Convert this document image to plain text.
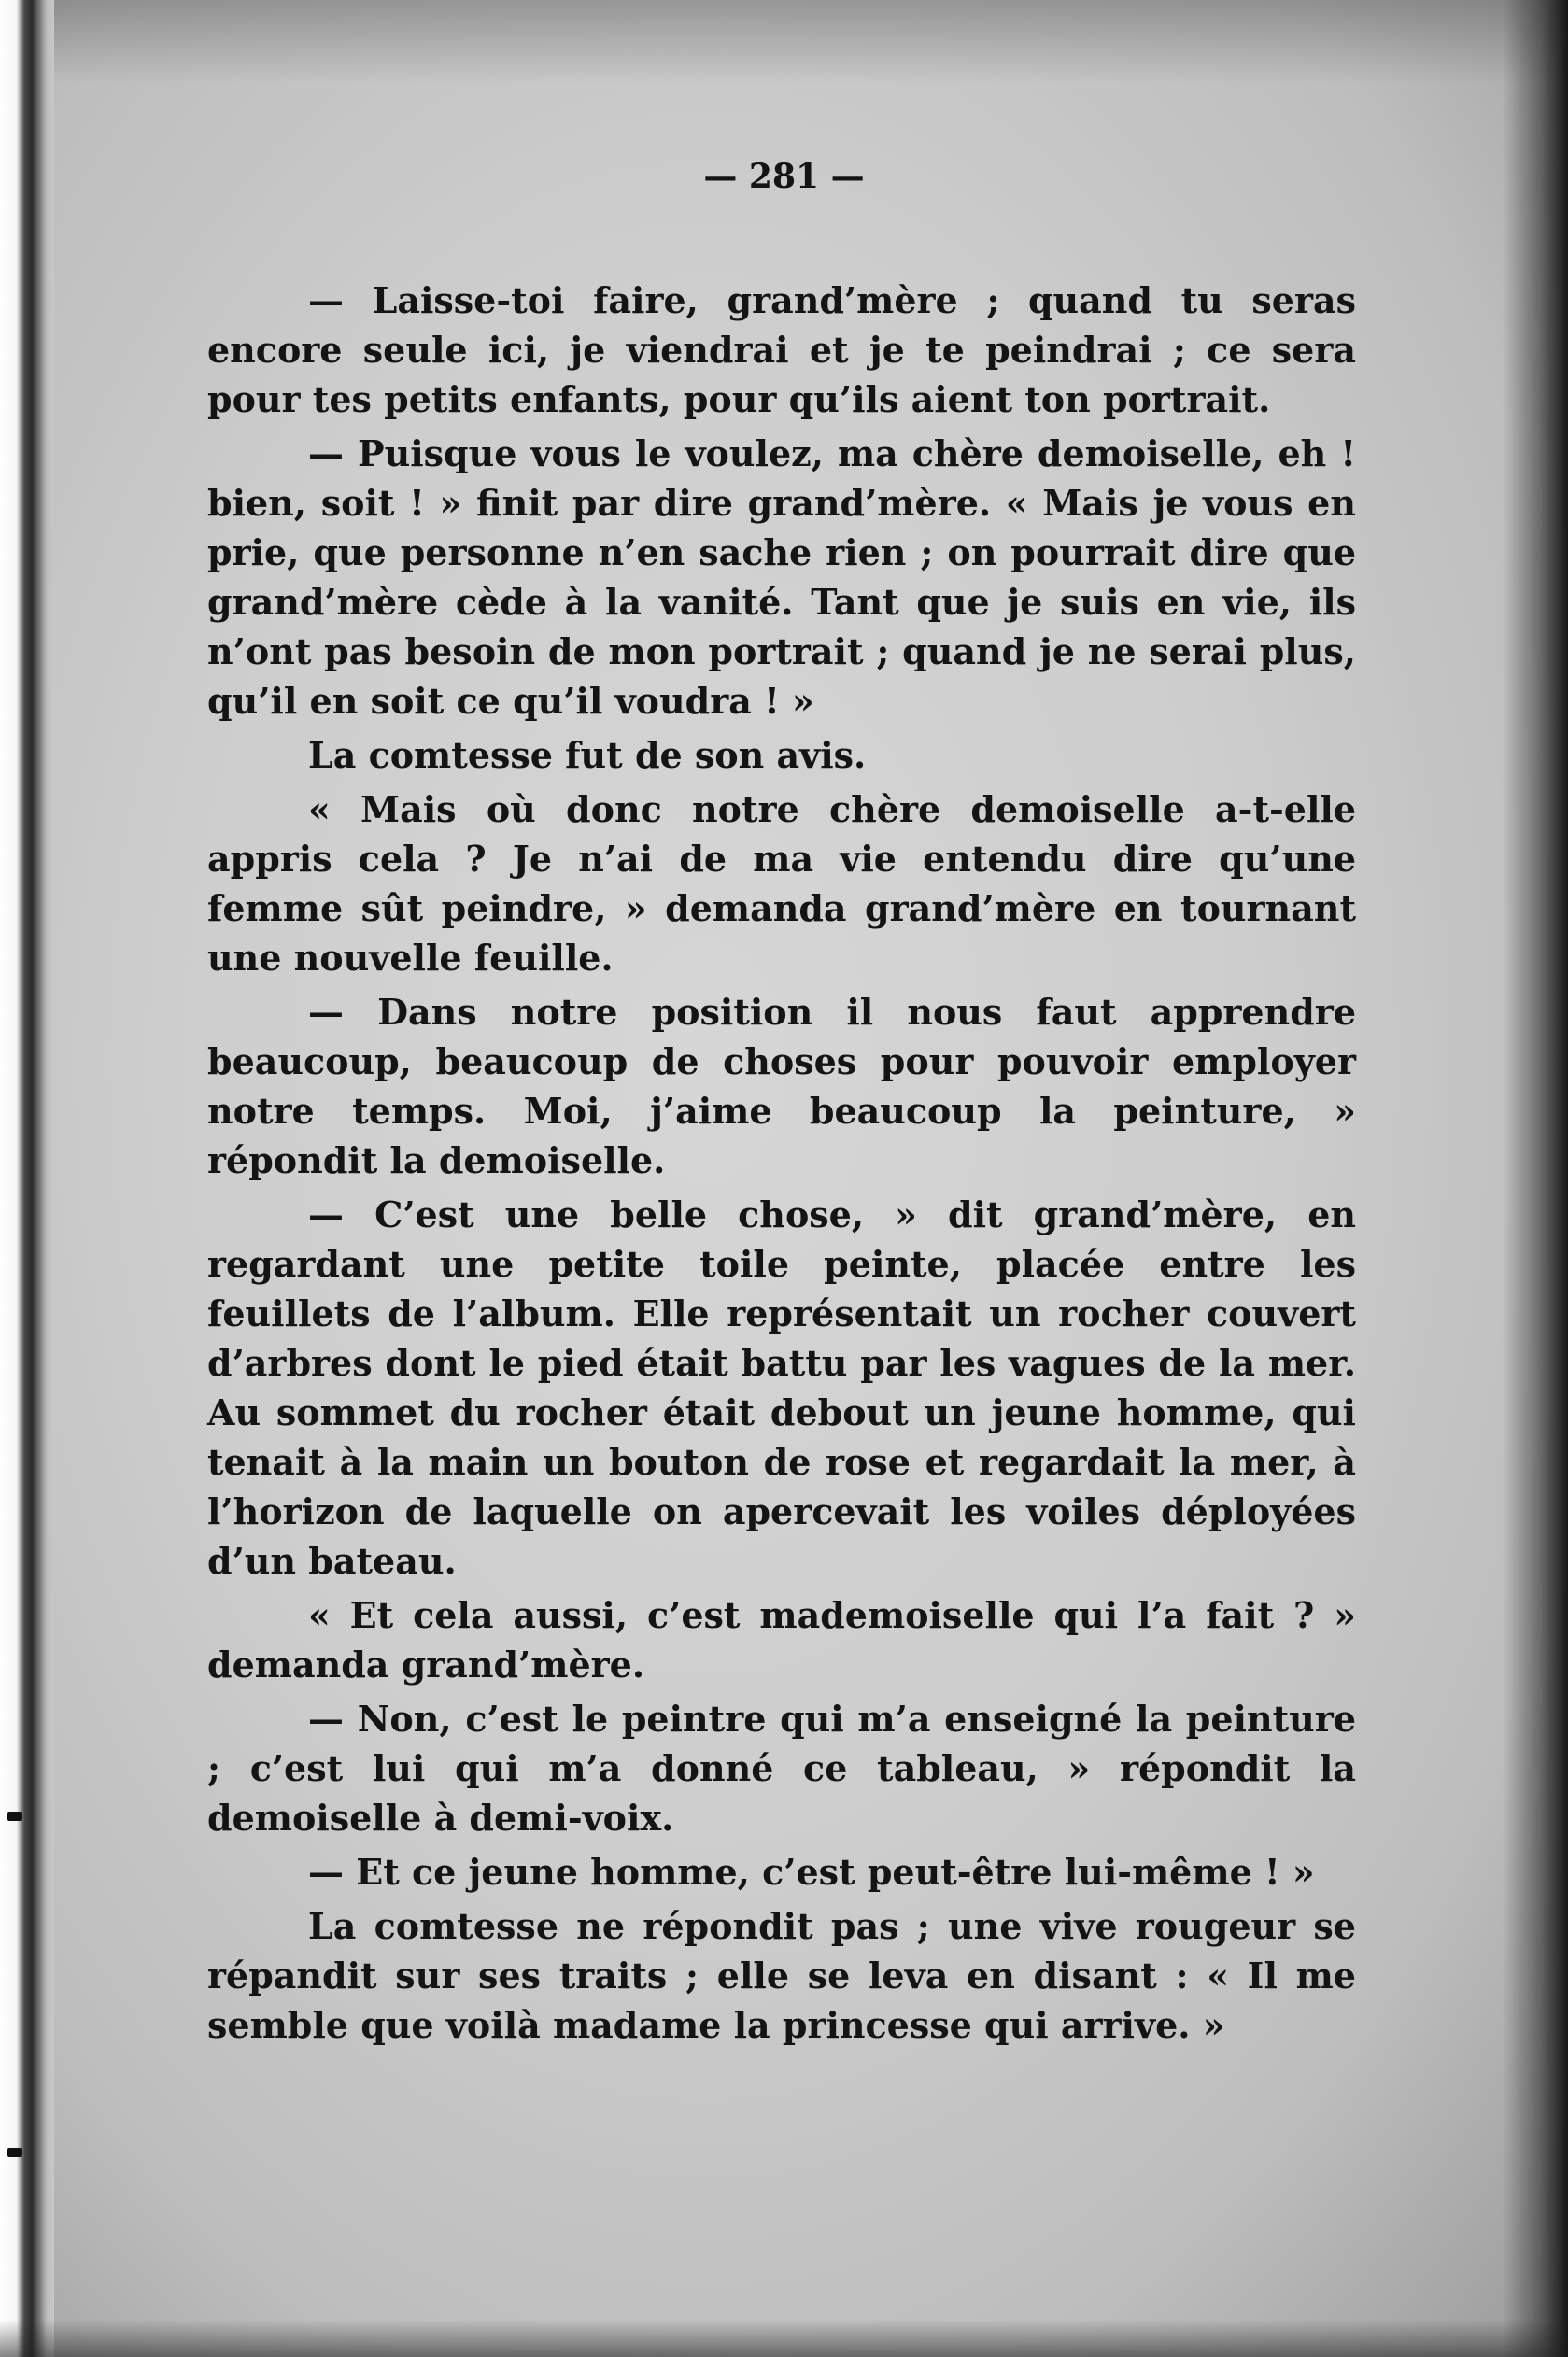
— 281 —

— Laisse-toi faire, grand’mère ; quand tu seras encore seule ici, je viendrai et je te peindrai ; ce sera pour tes petits enfants, pour qu’ils aient ton portrait.

— Puisque vous le voulez, ma chère demoiselle, eh ! bien, soit ! » finit par dire grand’mère. « Mais je vous en prie, que personne n’en sache rien ; on pourrait dire que grand’mère cède à la vanité. Tant que je suis en vie, ils n’ont pas besoin de mon portrait ; quand je ne serai plus, qu’il en soit ce qu’il voudra ! »

La comtesse fut de son avis.

« Mais où donc notre chère demoiselle a-t-elle appris cela ? Je n’ai de ma vie entendu dire qu’une femme sût peindre, » demanda grand’mère en tournant une nouvelle feuille.

— Dans notre position il nous faut apprendre beaucoup, beaucoup de choses pour pouvoir employer notre temps. Moi, j’aime beaucoup la peinture, » répondit la demoiselle.

— C’est une belle chose, » dit grand’mère, en regardant une petite toile peinte, placée entre les feuillets de l’album. Elle représentait un rocher couvert d’arbres dont le pied était battu par les vagues de la mer. Au sommet du rocher était debout un jeune homme, qui tenait à la main un bouton de rose et regardait la mer, à l’horizon de laquelle on apercevait les voiles déployées d’un bateau.

« Et cela aussi, c’est mademoiselle qui l’a fait ? » demanda grand’mère.

— Non, c’est le peintre qui m’a enseigné la peinture ; c’est lui qui m’a donné ce tableau, » répondit la demoiselle à demi-voix.

— Et ce jeune homme, c’est peut-être lui-même ! »

La comtesse ne répondit pas ; une vive rougeur se répandit sur ses traits ; elle se leva en disant : « Il me semble que voilà madame la princesse qui arrive. »
